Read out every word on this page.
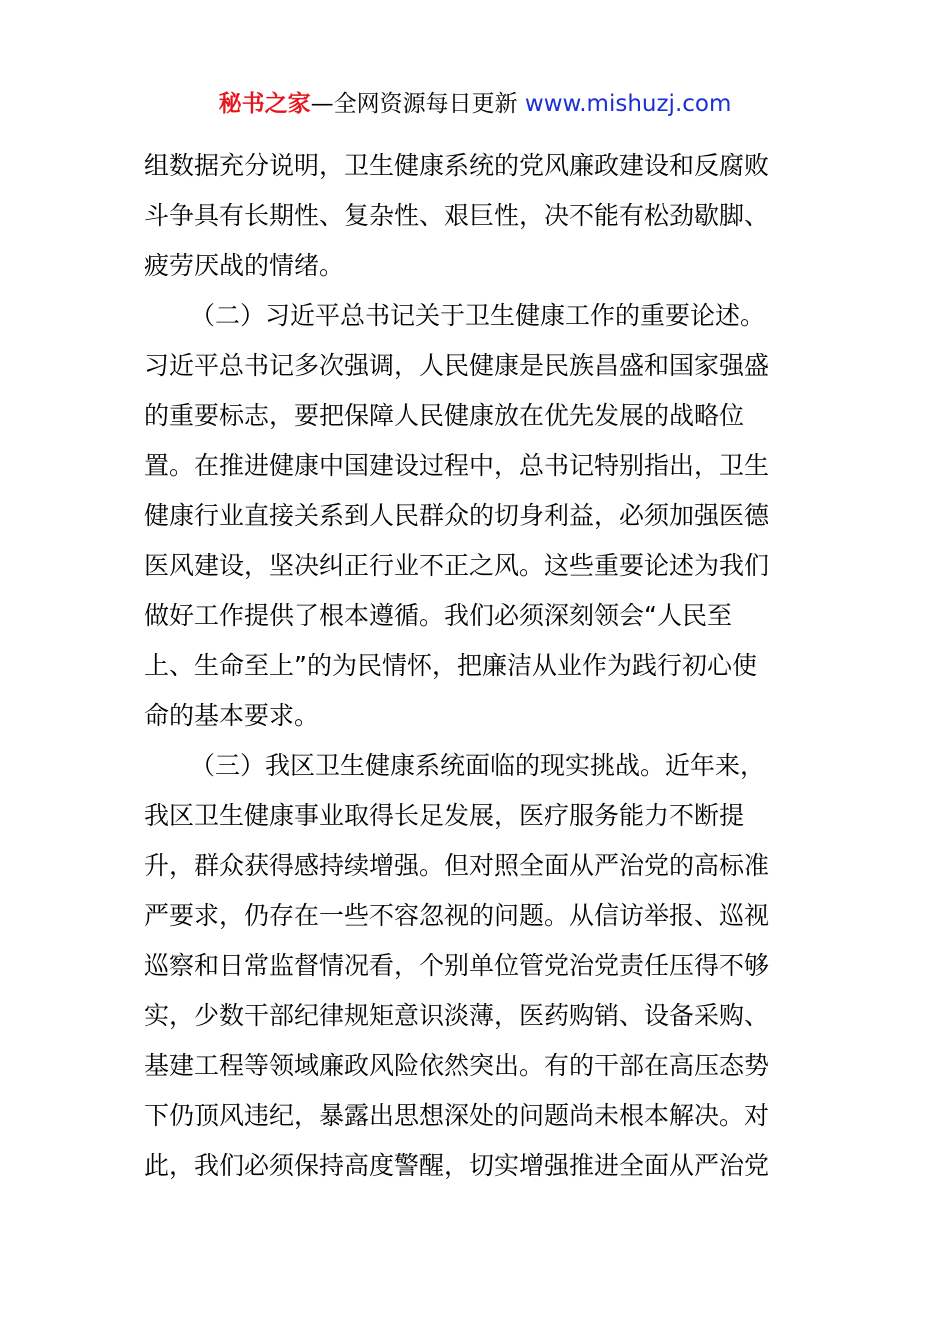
秘书之家—全网资源每日更新 www.mishuzj.com
组数据充分说明，卫生健康系统的党风廉政建设和反腐败
斗争具有长期性、复杂性、艰巨性，决不能有松劲歇脚、
疲劳厌战的情绪。
（二）习近平总书记关于卫生健康工作的重要论述。
习近平总书记多次强调，人民健康是民族昌盛和国家强盛
的重要标志，要把保障人民健康放在优先发展的战略位
置。在推进健康中国建设过程中，总书记特别指出，卫生
健康行业直接关系到人民群众的切身利益，必须加强医德
医风建设，坚决纠正行业不正之风。这些重要论述为我们
做好工作提供了根本遵循。我们必须深刻领会“人民至
上、生命至上”的为民情怀，把廉洁从业作为践行初心使
命的基本要求。
（三）我区卫生健康系统面临的现实挑战。近年来，
我区卫生健康事业取得长足发展，医疗服务能力不断提
升，群众获得感持续增强。但对照全面从严治党的高标准
严要求，仍存在一些不容忽视的问题。从信访举报、巡视
巡察和日常监督情况看，个别单位管党治党责任压得不够
实，少数干部纪律规矩意识淡薄，医药购销、设备采购、
基建工程等领域廉政风险依然突出。有的干部在高压态势
下仍顶风违纪，暴露出思想深处的问题尚未根本解决。对
此，我们必须保持高度警醒，切实增强推进全面从严治党
